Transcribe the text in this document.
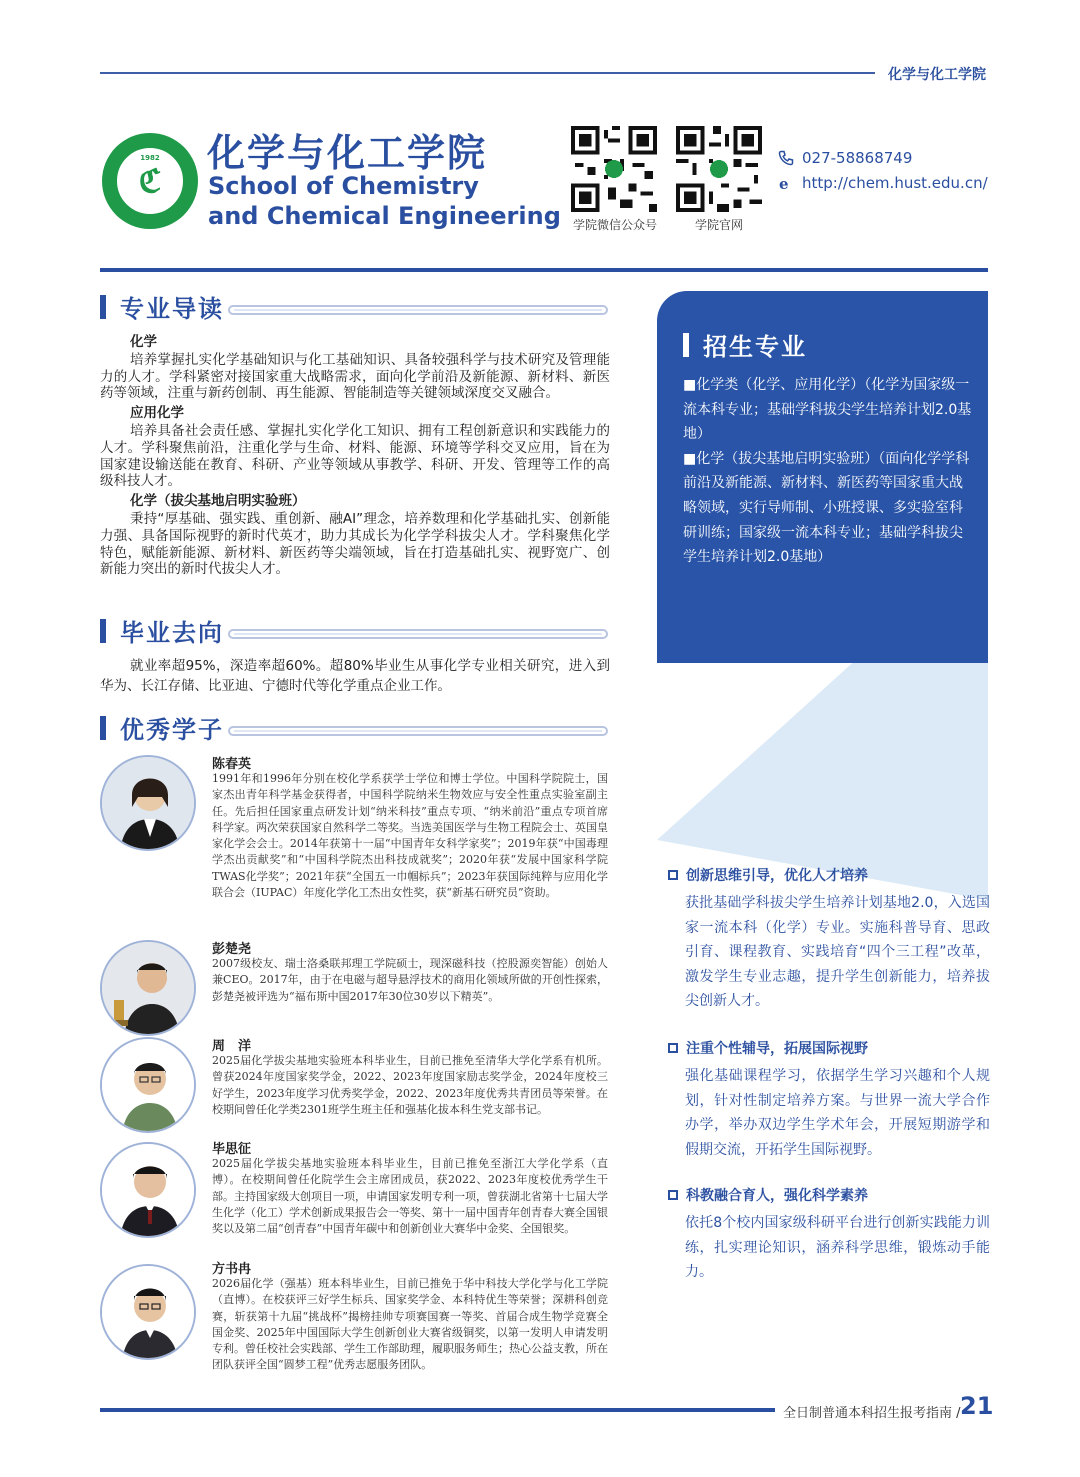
化学与化工学院
1982
ℭ
化学与化工学院
School of Chemistry
and Chemical Engineering	学院微信公众号	学院官网
027-58868749
e http://chem.hust.edu.cn/
专业导读
化学
培养掌握扎实化学基础知识与化工基础知识、具备较强科学与技术研究及管理能力的人才。学科紧密对接国家重大战略需求，面向化学前沿及新能源、新材料、新医药等领域，注重与新药创制、再生能源、智能制造等关键领域深度交叉融合。
应用化学
培养具备社会责任感、掌握扎实化学化工知识、拥有工程创新意识和实践能力的人才。学科聚焦前沿，注重化学与生命、材料、能源、环境等学科交叉应用，旨在为国家建设输送能在教育、科研、产业等领域从事教学、科研、开发、管理等工作的高级科技人才。
化学（拔尖基地启明实验班）
秉持“厚基础、强实践、重创新、融AI”理念，培养数理和化学基础扎实、创新能力强、具备国际视野的新时代英才，助力其成长为化学学科拔尖人才。学科聚焦化学特色，赋能新能源、新材料、新医药等尖端领域，旨在打造基础扎实、视野宽广、创新能力突出的新时代拔尖人才。
毕业去向
就业率超95%，深造率超60%。超80%毕业生从事化学专业相关研究，进入到华为、长江存储、比亚迪、宁德时代等化学重点企业工作。
优秀学子
招生专业
■化学类（化学、应用化学）（化学为国家级一流本科专业；基础学科拔尖学生培养计划2.0基地）
■化学（拔尖基地启明实验班）（面向化学学科前沿及新能源、新材料、新医药等国家重大战略领域，实行导师制、小班授课、多实验室科研训练；国家级一流本科专业；基础学科拔尖学生培养计划2.0基地）
创新思维引导，优化人才培养
获批基础学科拔尖学生培养计划基地2.0，入选国家一流本科（化学）专业。实施科普导育、思政引育、课程教育、实践培育“四个三工程”改革，激发学生专业志趣，提升学生创新能力，培养拔尖创新人才。
注重个性辅导，拓展国际视野
强化基础课程学习，依据学生学习兴趣和个人规划，针对性制定培养方案。与世界一流大学合作办学，举办双边学生学术年会，开展短期游学和假期交流，开拓学生国际视野。
科教融合育人，强化科学素养
依托8个校内国家级科研平台进行创新实践能力训练，扎实理论知识，涵养科学思维，锻炼动手能力。
陈春英
1991年和1996年分别在校化学系获学士学位和博士学位。中国科学院院士，国家杰出青年科学基金获得者，中国科学院纳米生物效应与安全性重点实验室副主任。先后担任国家重点研发计划“纳米科技”重点专项、“纳米前沿”重点专项首席科学家。两次荣获国家自然科学二等奖。当选美国医学与生物工程院会士、英国皇家化学会会士。2014年获第十一届“中国青年女科学家奖”；2019年获“中国毒理学杰出贡献奖”和“中国科学院杰出科技成就奖”；2020年获“发展中国家科学院TWAS化学奖”；2021年获“全国五一巾帼标兵”；2023年获国际纯粹与应用化学联合会（IUPAC）年度化学化工杰出女性奖，获“新基石研究员”资助。
彭楚尧
2007级校友、瑞士洛桑联邦理工学院硕士，现深磁科技（控股源奕智能）创始人兼CEO。2017年，由于在电磁与超导悬浮技术的商用化领域所做的开创性探索，彭楚尧被评选为“福布斯中国2017年30位30岁以下精英”。
周　洋
2025届化学拔尖基地实验班本科毕业生，目前已推免至清华大学化学系有机所。曾获2024年度国家奖学金，2022、2023年度国家励志奖学金，2024年度校三好学生，2023年度学习优秀奖学金，2022、2023年度优秀共青团员等荣誉。在校期间曾任化学类2301班学生班主任和强基化拔本科生党支部书记。
毕思征
2025届化学拔尖基地实验班本科毕业生，目前已推免至浙江大学化学系（直博）。在校期间曾任化院学生会主席团成员，获2022、2023年度校优秀学生干部。主持国家级大创项目一项，申请国家发明专利一项，曾获湖北省第十七届大学生化学（化工）学术创新成果报告会一等奖、第十一届中国青年创青春大赛全国银奖以及第二届“创青春”中国青年碳中和创新创业大赛华中金奖、全国银奖。
方书冉
2026届化学（强基）班本科毕业生，目前已推免于华中科技大学化学与化工学院（直博）。在校获评三好学生标兵、国家奖学金、本科特优生等荣誉；深耕科创竞赛，斩获第十九届“挑战杯”揭榜挂帅专项赛国赛一等奖、首届合成生物学竞赛全国金奖、2025年中国国际大学生创新创业大赛省级铜奖，以第一发明人申请发明专利。曾任校社会实践部、学生工作部助理，履职服务师生；热心公益支教，所在团队获评全国“圆梦工程”优秀志愿服务团队。
全日制普通本科招生报考指南 / 21
